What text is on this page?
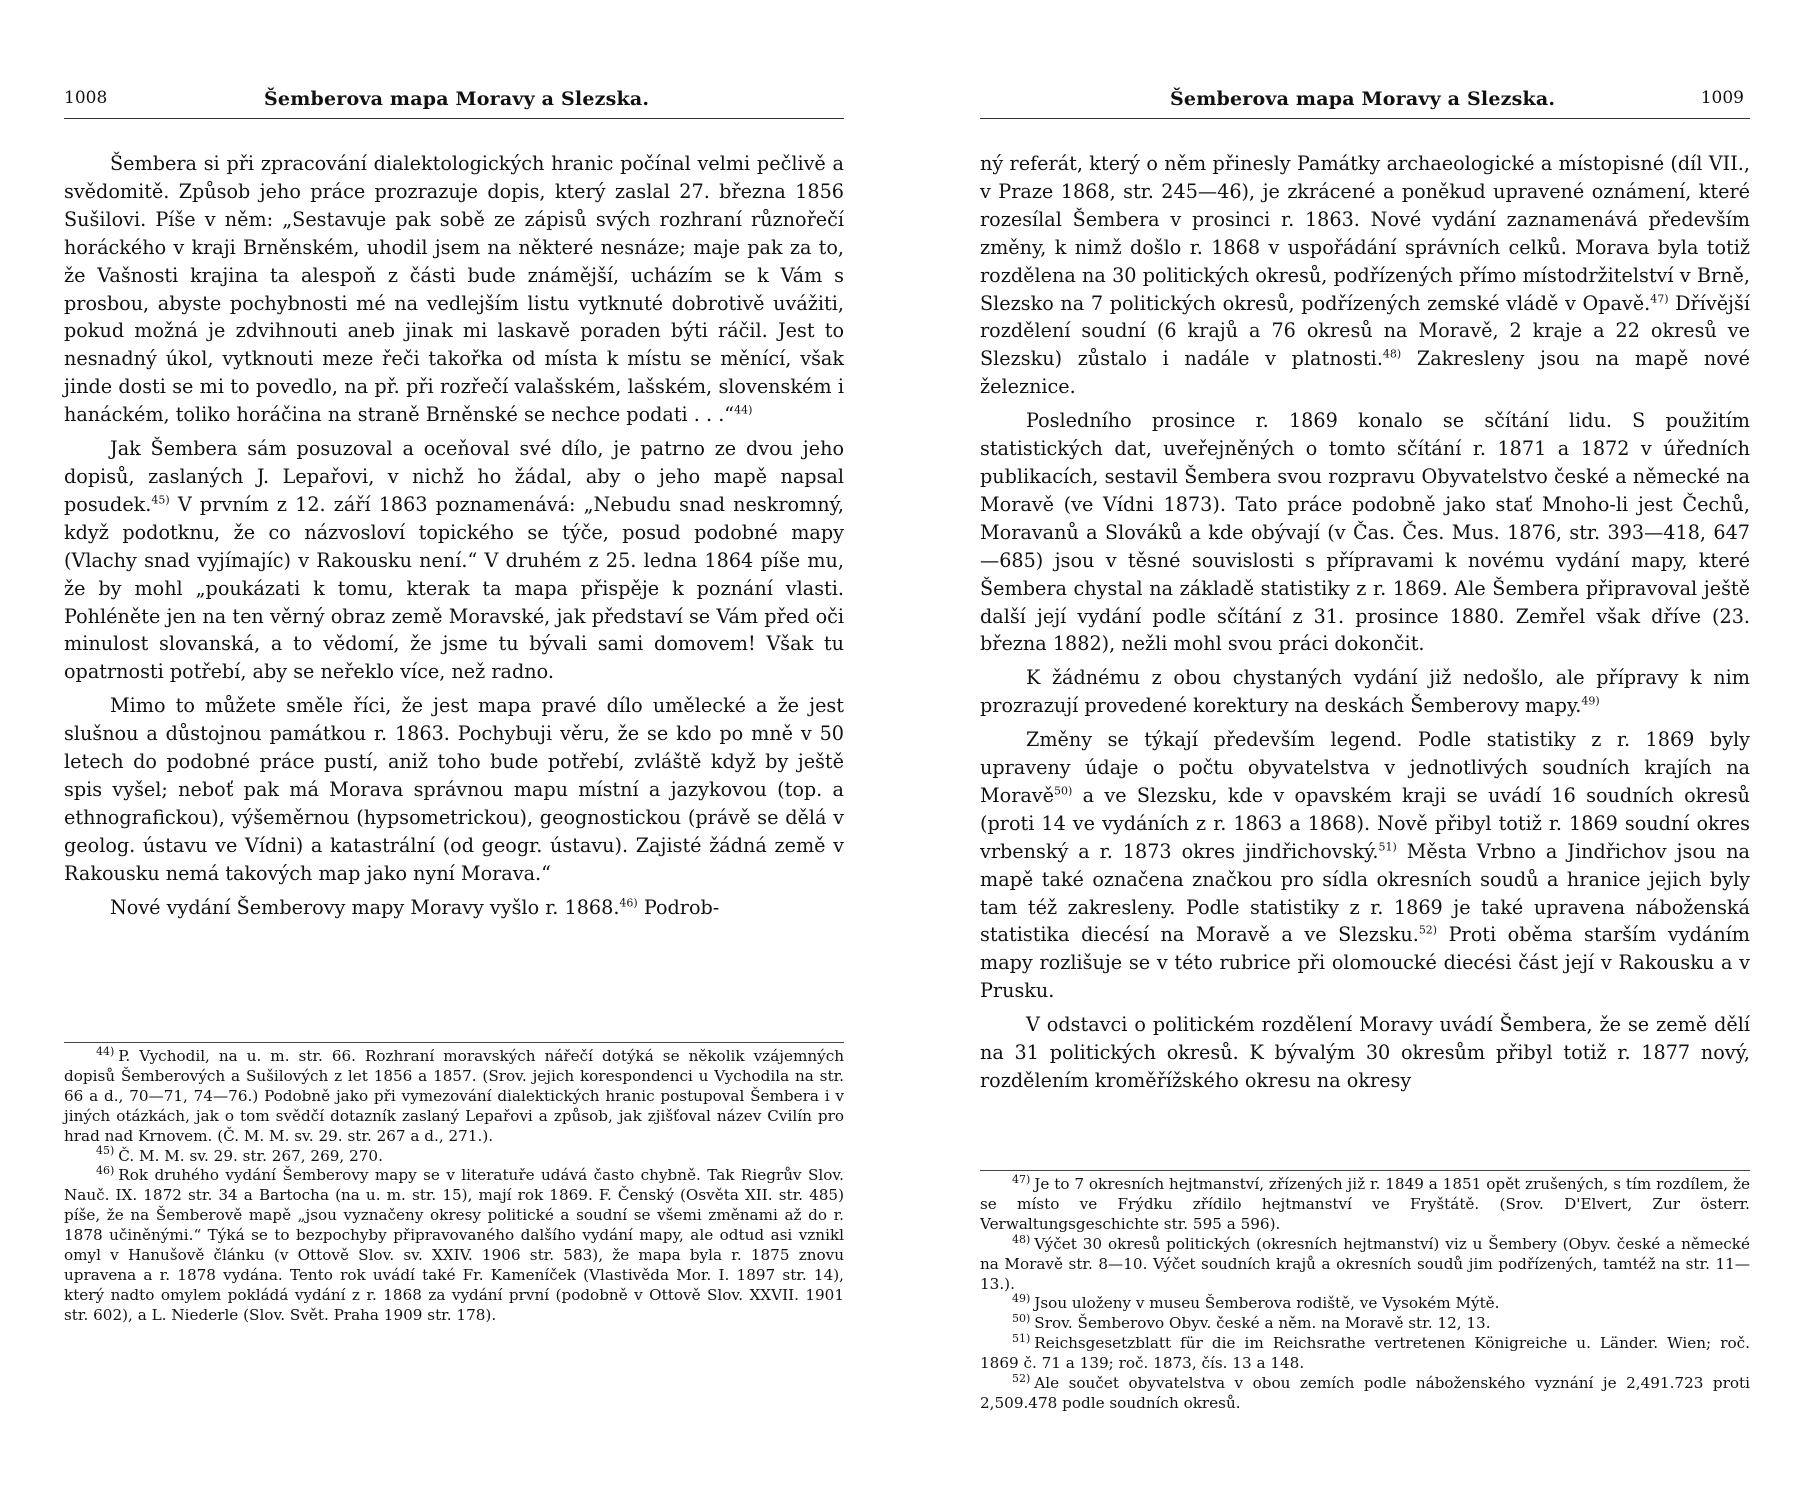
1008	Šemberova mapa Moravy a Slezska.

Šembera si při zpracování dialektologických hranic počínal velmi pečlivě a svědomitě. Způsob jeho práce prozrazuje dopis, který zaslal 27. března 1856 Sušilovi. Píše v něm: „Sestavuje pak sobě ze zápisů svých rozhraní různořečí horáckého v kraji Brněnském, uhodil jsem na některé nesnáze; maje pak za to, že Vašnosti krajina ta alespoň z části bude známější, ucházím se k Vám s prosbou, abyste pochybnosti mé na vedlejším listu vytknuté dobrotivě uvážiti, pokud možná je zdvihnouti aneb jinak mi laskavě poraden býti ráčil. Jest to nesnadný úkol, vytknouti meze řeči takořka od místa k místu se měnící, však jinde dosti se mi to povedlo, na př. při rozřečí valašském, lašském, slovenském i hanáckém, toliko horáčina na straně Brněnské se nechce podati . . .“$^{44)}$

Jak Šembera sám posuzoval a oceňoval své dílo, je patrno ze dvou jeho dopisů, zaslaných J. Lepařovi, v nichž ho žádal, aby o jeho mapě napsal posudek.$^{45)}$ V prvním z 12. září 1863 poznamenává: „Nebudu snad neskromný, když podotknu, že co názvosloví topického se týče, posud podobné mapy (Vlachy snad vyjímajíc) v Rakousku není.“ V druhém z 25. ledna 1864 píše mu, že by mohl „poukázati k tomu, kterak ta mapa přispěje k poznání vlasti. Pohléněte jen na ten věrný obraz země Moravské, jak představí se Vám před oči minulost slovanská, a to vědomí, že jsme tu bývali sami domovem! Však tu opatrnosti potřebí, aby se neřeklo více, než radno.

Mimo to můžete směle říci, že jest mapa pravé dílo umělecké a že jest slušnou a důstojnou památkou r. 1863. Pochybuji věru, že se kdo po mně v 50 letech do podobné práce pustí, aniž toho bude potřebí, zvláště když by ještě spis vyšel; neboť pak má Morava správnou mapu místní a jazykovou (top. a ethnografickou), výšeměrnou (hypsometrickou), geognostickou (právě se dělá v geolog. ústavu ve Vídni) a katastrální (od geogr. ústavu). Zajisté žádná země v Rakousku nemá takových map jako nyní Morava.“

Nové vydání Šemberovy mapy Moravy vyšlo r. 1868.$^{46)}$ Podrob-

$^{44)}$ P. Vychodil, na u. m. str. 66. Rozhraní moravských nářečí dotýká se několik vzájemných dopisů Šemberových a Sušilových z let 1856 a 1857. (Srov. jejich korespondenci u Vychodila na str. 66 a d., 70—71, 74—76.) Podobně jako při vymezování dialektických hranic postupoval Šembera i v jiných otázkách, jak o tom svědčí dotazník zaslaný Lepařovi a způsob, jak zjišťoval název Cvilín pro hrad nad Krnovem. (Č. M. M. sv. 29. str. 267 a d., 271.).

$^{45)}$ Č. M. M. sv. 29. str. 267, 269, 270.

$^{46)}$ Rok druhého vydání Šemberovy mapy se v literatuře udává často chybně. Tak Riegrův Slov. Nauč. IX. 1872 str. 34 a Bartocha (na u. m. str. 15), mají rok 1869. F. Čenský (Osvěta XII. str. 485) píše, že na Šemberově mapě „jsou vyznačeny okresy politické a soudní se všemi změnami až do r. 1878 učiněnými.“ Týká se to bezpochyby připravovaného dalšího vydání mapy, ale odtud asi vznikl omyl v Hanušově článku (v Ottově Slov. sv. XXIV. 1906 str. 583), že mapa byla r. 1875 znovu upravena a r. 1878 vydána. Tento rok uvádí také Fr. Kameníček (Vlastivěda Mor. I. 1897 str. 14), který nadto omylem pokládá vydání z r. 1868 za vydání první (podobně v Ottově Slov. XXVII. 1901 str. 602), a L. Niederle (Slov. Svět. Praha 1909 str. 178).

Šemberova mapa Moravy a Slezska.	1009

ný referát, který o něm přinesly Památky archaeologické a místopisné (díl VII., v Praze 1868, str. 245—46), je zkrácené a poněkud upravené oznámení, které rozesílal Šembera v prosinci r. 1863. Nové vydání zaznamenává především změny, k nimž došlo r. 1868 v uspořádání správních celků. Morava byla totiž rozdělena na 30 politických okresů, podřízených přímo místodržitelství v Brně, Slezsko na 7 politických okresů, podřízených zemské vládě v Opavě.$^{47)}$ Dřívější rozdělení soudní (6 krajů a 76 okresů na Moravě, 2 kraje a 22 okresů ve Slezsku) zůstalo i nadále v platnosti.$^{48)}$ Zakresleny jsou na mapě nové železnice.

Posledního prosince r. 1869 konalo se sčítání lidu. S použitím statistických dat, uveřejněných o tomto sčítání r. 1871 a 1872 v úředních publikacích, sestavil Šembera svou rozpravu Obyvatelstvo české a německé na Moravě (ve Vídni 1873). Tato práce podobně jako stať Mnoho-li jest Čechů, Moravanů a Slováků a kde obývají (v Čas. Čes. Mus. 1876, str. 393—418, 647—685) jsou v těsné souvislosti s přípravami k novému vydání mapy, které Šembera chystal na základě statistiky z r. 1869. Ale Šembera připravoval ještě další její vydání podle sčítání z 31. prosince 1880. Zemřel však dříve (23. března 1882), nežli mohl svou práci dokončit.

K žádnému z obou chystaných vydání již nedošlo, ale přípravy k nim prozrazují provedené korektury na deskách Šemberovy mapy.$^{49)}$

Změny se týkají především legend. Podle statistiky z r. 1869 byly upraveny údaje o počtu obyvatelstva v jednotlivých soudních krajích na Moravě$^{50)}$ a ve Slezsku, kde v opavském kraji se uvádí 16 soudních okresů (proti 14 ve vydáních z r. 1863 a 1868). Nově přibyl totiž r. 1869 soudní okres vrbenský a r. 1873 okres jindřichovský.$^{51)}$ Města Vrbno a Jindřichov jsou na mapě také označena značkou pro sídla okresních soudů a hranice jejich byly tam též zakresleny. Podle statistiky z r. 1869 je také upravena náboženská statistika diecésí na Moravě a ve Slezsku.$^{52)}$ Proti oběma starším vydáním mapy rozlišuje se v této rubrice při olomoucké diecési část její v Rakousku a v Prusku.

V odstavci o politickém rozdělení Moravy uvádí Šembera, že se země dělí na 31 politických okresů. K bývalým 30 okresům přibyl totiž r. 1877 nový, rozdělením kroměřížského okresu na okresy

$^{47)}$ Je to 7 okresních hejtmanství, zřízených již r. 1849 a 1851 opět zrušených, s tím rozdílem, že se místo ve Frýdku zřídilo hejtmanství ve Fryštátě. (Srov. D'Elvert, Zur österr. Verwaltungsgeschichte str. 595 a 596).

$^{48)}$ Výčet 30 okresů politických (okresních hejtmanství) viz u Šembery (Obyv. české a německé na Moravě str. 8—10. Výčet soudních krajů a okresních soudů jim podřízených, tamtéž na str. 11—13.).

$^{49)}$ Jsou uloženy v museu Šemberova rodiště, ve Vysokém Mýtě.

$^{50)}$ Srov. Šemberovo Obyv. české a něm. na Moravě str. 12, 13.

$^{51)}$ Reichsgesetzblatt für die im Reichsrathe vertretenen Königreiche u. Länder. Wien; roč. 1869 č. 71 a 139; roč. 1873, čís. 13 a 148.

$^{52)}$ Ale součet obyvatelstva v obou zemích podle náboženského vyznání je 2,491.723 proti 2,509.478 podle soudních okresů.
